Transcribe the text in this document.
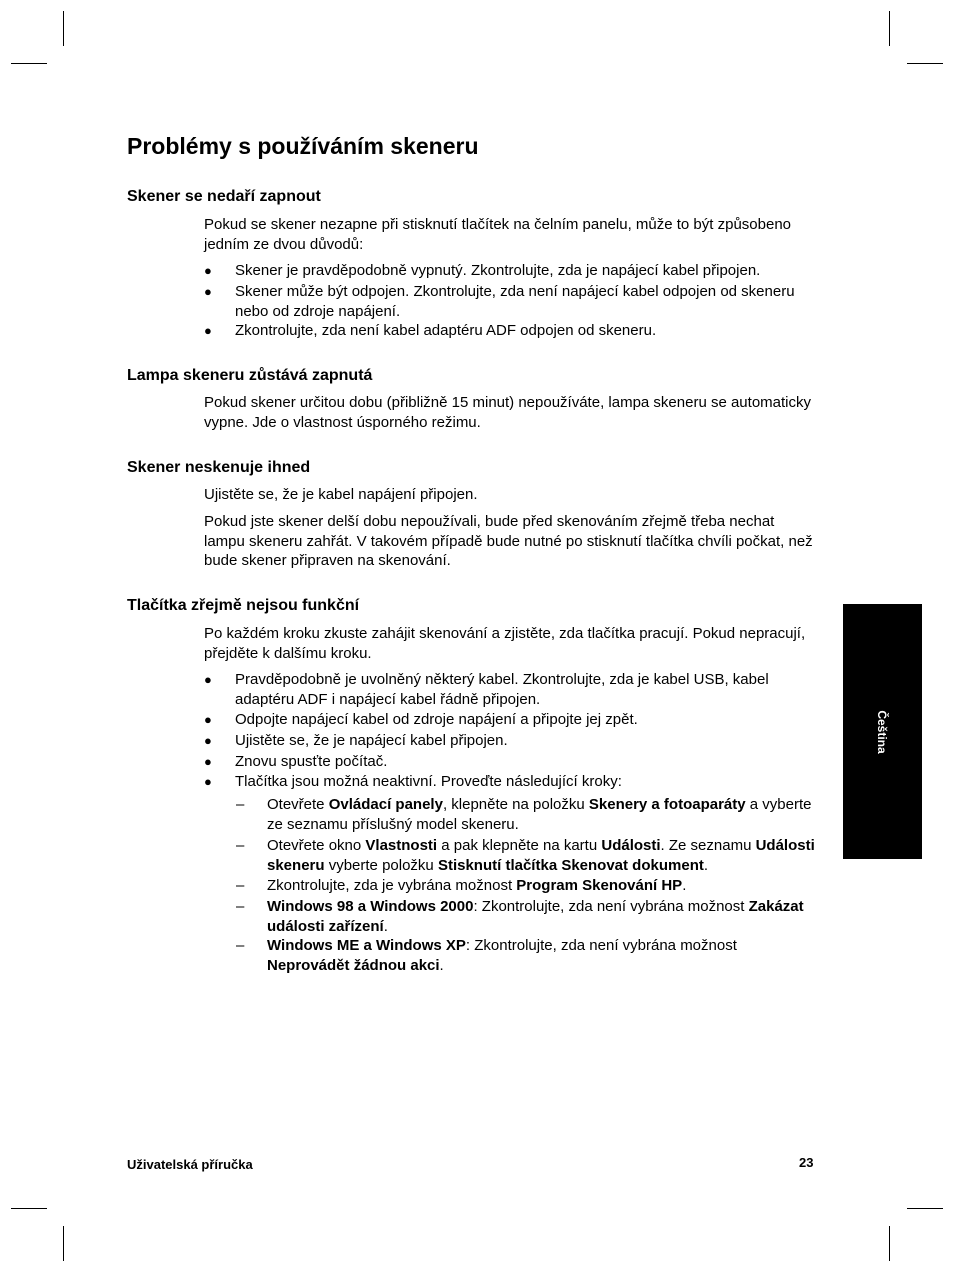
Problémy s používáním skeneru
Skener se nedaří zapnout

Pokud se skener nezapne při stisknutí tlačítek na čelním panelu, může to být způsobeno jedním ze dvou důvodů:

●	Skener je pravděpodobně vypnutý. Zkontrolujte, zda je napájecí kabel připojen.
●	Skener může být odpojen. Zkontrolujte, zda není napájecí kabel odpojen od skeneru nebo od zdroje napájení.
●	Zkontrolujte, zda není kabel adaptéru ADF odpojen od skeneru.
Lampa skeneru zůstává zapnutá

Pokud skener určitou dobu (přibližně 15 minut) nepoužíváte, lampa skeneru se automaticky vypne. Jde o vlastnost úsporného režimu.

Skener neskenuje ihned

Ujistěte se, že je kabel napájení připojen.

Pokud jste skener delší dobu nepoužívali, bude před skenováním zřejmě třeba nechat lampu skeneru zahřát. V takovém případě bude nutné po stisknutí tlačítka chvíli počkat, než bude skener připraven na skenování.

Tlačítka zřejmě nejsou funkční

Po každém kroku zkuste zahájit skenování a zjistěte, zda tlačítka pracují. Pokud nepracují, přejděte k dalšímu kroku.

●	Pravděpodobně je uvolněný některý kabel. Zkontrolujte, zda je kabel USB, kabel adaptéru ADF i napájecí kabel řádně připojen.
●	Odpojte napájecí kabel od zdroje napájení a připojte jej zpět.
●	Ujistěte se, že je napájecí kabel připojen.
●	Znovu spusťte počítač.
●	Tlačítka jsou možná neaktivní. Proveďte následující kroky:
– Otevřete Ovládací panely, klepněte na položku Skenery a fotoaparáty a vyberte ze seznamu příslušný model skeneru.
– Otevřete okno Vlastnosti a pak klepněte na kartu Události. Ze seznamu Události skeneru vyberte položku Stisknutí tlačítka Skenovat dokument.
– Zkontrolujte, zda je vybrána možnost Program Skenování HP.
– Windows 98 a Windows 2000: Zkontrolujte, zda není vybrána možnost Zakázat události zařízení.
– Windows ME a Windows XP: Zkontrolujte, zda není vybrána možnost Neprovádět žádnou akci.
Čeština
Uživatelská příručka	23
